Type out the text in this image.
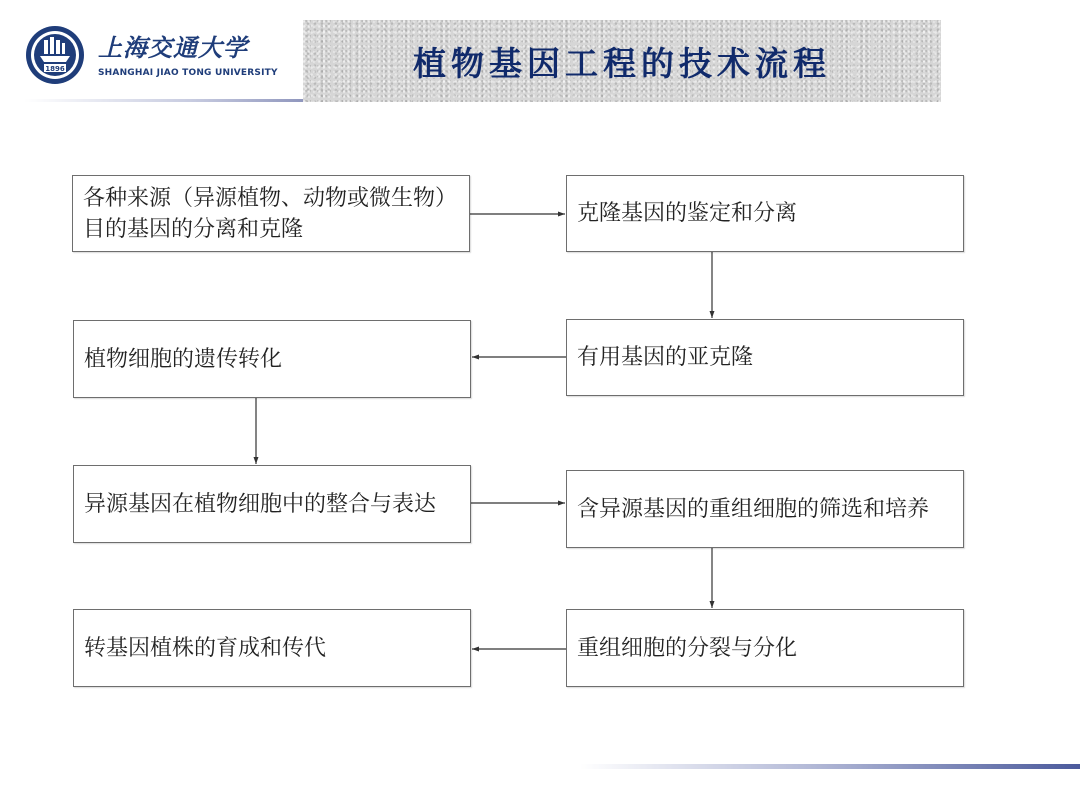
1896
上海交通大学
SHANGHAI JIAO TONG UNIVERSITY	植物基因工程的技术流程
各种来源（异源植物、动物或微生物）目的基因的分离和克隆
克隆基因的鉴定和分离
有用基因的亚克隆
植物细胞的遗传转化
异源基因在植物细胞中的整合与表达	含异源基因的重组细胞的筛选和培养
重组细胞的分裂与分化
转基因植株的育成和传代
